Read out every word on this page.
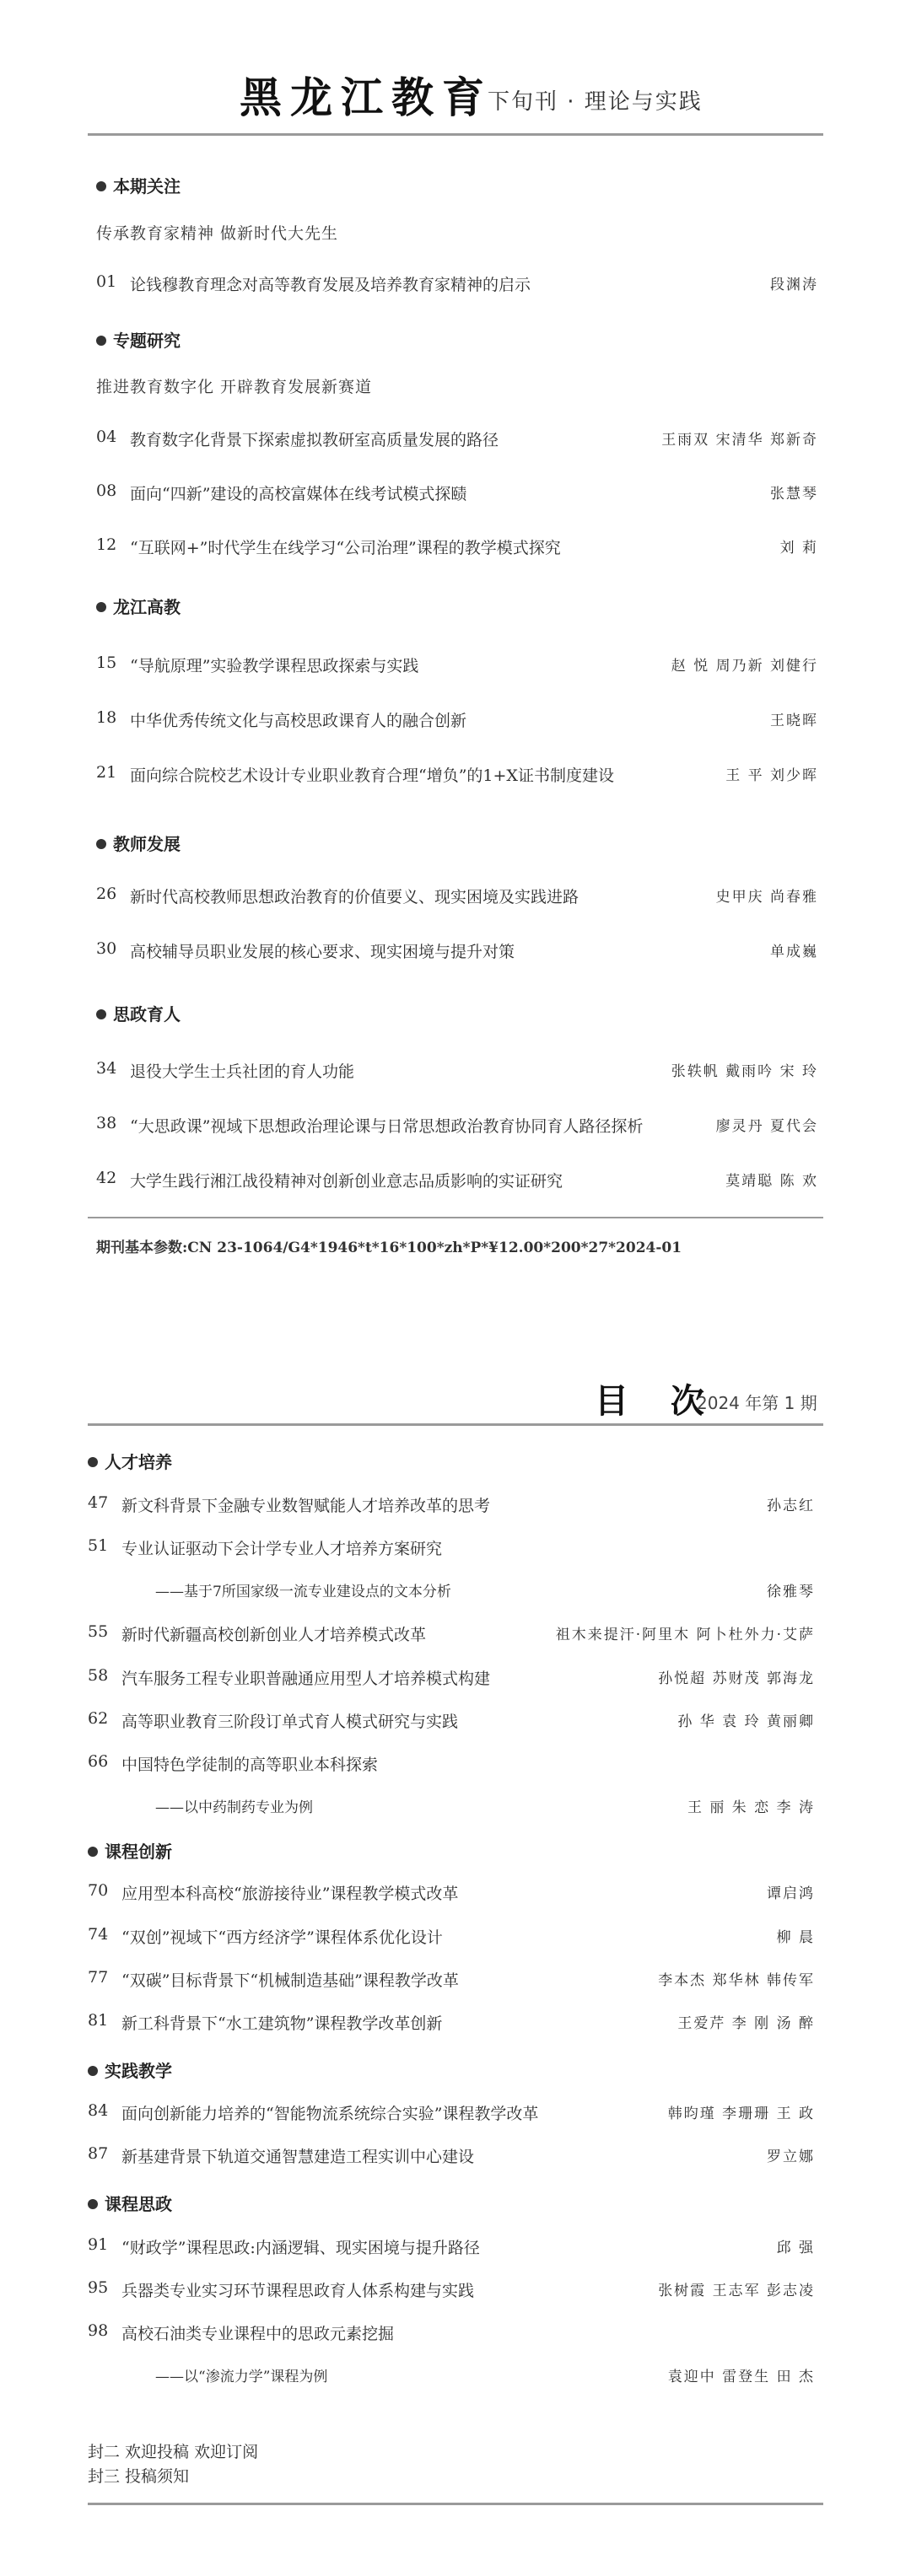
黑龙江教育
下旬刊 · 理论与实践
本期关注
传承教育家精神 做新时代大先生
01 论钱穆教育理念对高等教育发展及培养教育家精神的启示	段渊涛
专题研究
推进教育数字化 开辟教育发展新赛道
04 教育数字化背景下探索虚拟教研室高质量发展的路径	王雨双 宋清华 郑新奇
08 面向“四新”建设的高校富媒体在线考试模式探赜	张慧琴
12 “互联网+”时代学生在线学习“公司治理”课程的教学模式探究	刘 莉
龙江高教
15 “导航原理”实验教学课程思政探索与实践	赵 悦 周乃新 刘健行
18 中华优秀传统文化与高校思政课育人的融合创新	王晓晖
21 面向综合院校艺术设计专业职业教育合理“增负”的1+X证书制度建设	王 平 刘少晖
教师发展
26 新时代高校教师思想政治教育的价值要义、现实困境及实践进路	史甲庆 尚春雅
30 高校辅导员职业发展的核心要求、现实困境与提升对策	单成巍
思政育人
34 退役大学生士兵社团的育人功能	张轶帆 戴雨吟 宋 玲
38 “大思政课”视域下思想政治理论课与日常思想政治教育协同育人路径探析	廖灵丹 夏代会
42 大学生践行湘江战役精神对创新创业意志品质影响的实证研究	莫靖聪 陈 欢
期刊基本参数:CN 23-1064/G4*1946*t*16*100*zh*P*¥12.00*200*27*2024-01
目 次
2024 年第 1 期
人才培养
47 新文科背景下金融专业数智赋能人才培养改革的思考	孙志红
51 专业认证驱动下会计学专业人才培养方案研究
——基于7所国家级一流专业建设点的文本分析	徐雅琴
55 新时代新疆高校创新创业人才培养模式改革	祖木来提汗·阿里木 阿卜杜外力·艾萨
58 汽车服务工程专业职普融通应用型人才培养模式构建	孙悦超 苏财茂 郭海龙
62 高等职业教育三阶段订单式育人模式研究与实践	孙 华 袁 玲 黄丽卿
66 中国特色学徒制的高等职业本科探索
——以中药制药专业为例	王 丽 朱 恋 李 涛
课程创新
70 应用型本科高校“旅游接待业”课程教学模式改革	谭启鸿
74 “双创”视域下“西方经济学”课程体系优化设计	柳 晨
77 “双碳”目标背景下“机械制造基础”课程教学改革	李本杰 郑华林 韩传军
81 新工科背景下“水工建筑物”课程教学改革创新	王爱芹 李 刚 汤 醉
实践教学
84 面向创新能力培养的“智能物流系统综合实验”课程教学改革	韩昀瑾 李珊珊 王 政
87 新基建背景下轨道交通智慧建造工程实训中心建设	罗立娜
课程思政
91 “财政学”课程思政:内涵逻辑、现实困境与提升路径	邱 强
95 兵器类专业实习环节课程思政育人体系构建与实践	张树霞 王志军 彭志凌
98 高校石油类专业课程中的思政元素挖掘
——以“渗流力学”课程为例	袁迎中 雷登生 田 杰
封二 欢迎投稿 欢迎订阅
封三 投稿须知
